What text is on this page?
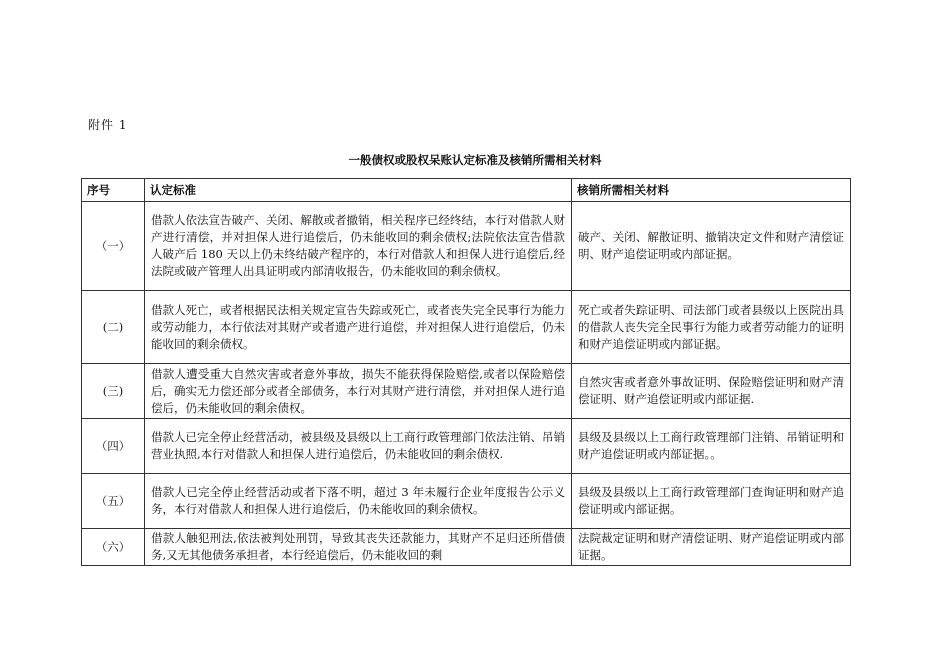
附件 1
一般债权或股权呆账认定标准及核销所需相关材料
序号	认定标准	核销所需相关材料
（一）	借款人依法宣告破产、关闭、解散或者撤销，相关程序已经终结，本行对借款人财产进行清偿，并对担保人进行追偿后，仍未能收回的剩余债权;法院依法宣告借款人破产后 180 天以上仍未终结破产程序的，本行对借款人和担保人进行追偿后,经法院或破产管理人出具证明或内部清收报告，仍未能收回的剩余债权。	破产、关闭、解散证明、撤销决定文件和财产清偿证明、财产追偿证明或内部证据。
(二)	借款人死亡，或者根据民法相关规定宣告失踪或死亡，或者丧失完全民事行为能力或劳动能力，本行依法对其财产或者遗产进行追偿，并对担保人进行追偿后，仍未能收回的剩余债权。	死亡或者失踪证明、司法部门或者县级以上医院出具的借款人丧失完全民事行为能力或者劳动能力的证明和财产追偿证明或内部证据。
(三)	借款人遭受重大自然灾害或者意外事故，损失不能获得保险赔偿,或者以保险赔偿后，确实无力偿还部分或者全部债务，本行对其财产进行清偿，并对担保人进行追偿后，仍未能收回的剩余债权。	自然灾害或者意外事故证明、保险赔偿证明和财产清偿证明、财产追偿证明或内部证据.
（四）	借款人已完全停止经营活动，被县级及县级以上工商行政管理部门依法注销、吊销营业执照,本行对借款人和担保人进行追偿后，仍未能收回的剩余债权.	县级及县级以上工商行政管理部门注销、吊销证明和财产追偿证明或内部证据。。
（五）	借款人已完全停止经营活动或者下落不明，超过 3 年未履行企业年度报告公示义务，本行对借款人和担保人进行追偿后，仍未能收回的剩余债权。	县级及县级以上工商行政管理部门查询证明和财产追偿证明或内部证据。
（六）	借款人触犯刑法,依法被判处刑罚，导致其丧失还款能力，其财产不足归还所借债务,又无其他债务承担者，本行经追偿后，仍未能收回的剩	法院裁定证明和财产清偿证明、财产追偿证明或内部证据。
